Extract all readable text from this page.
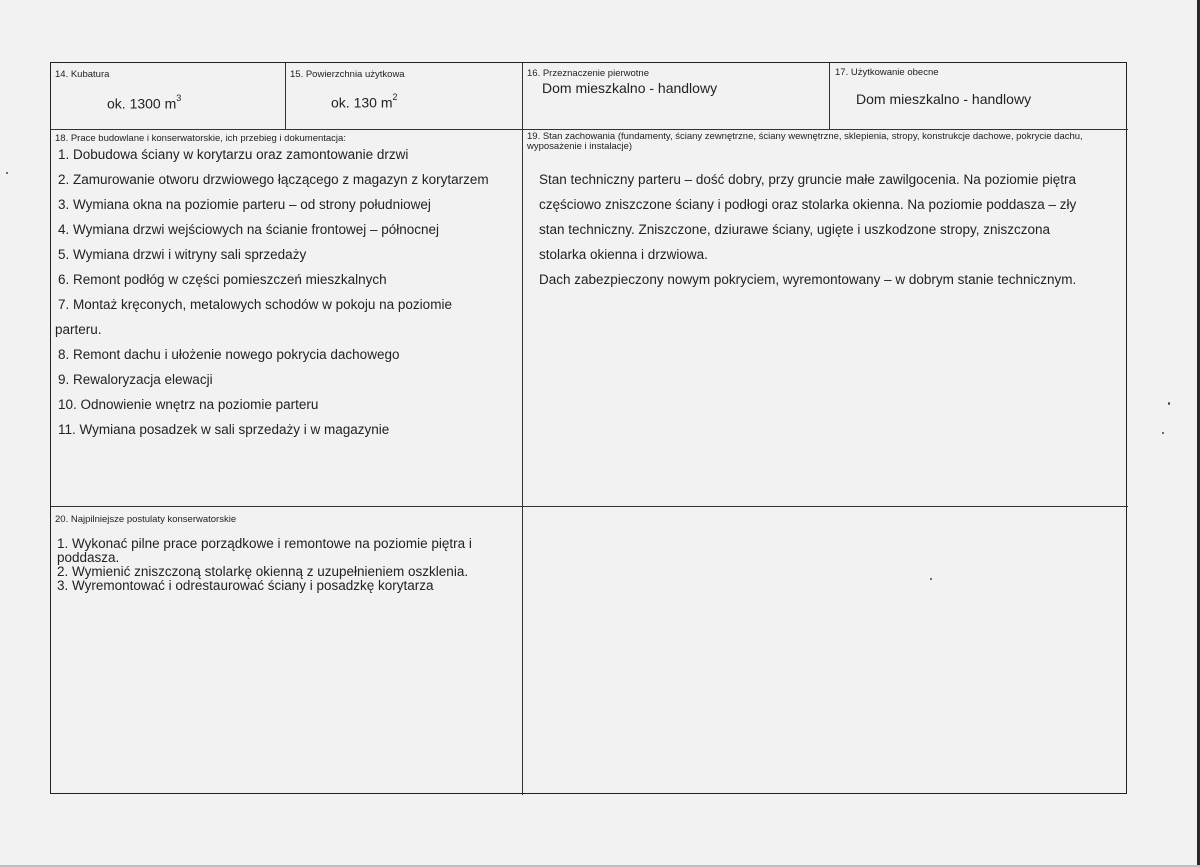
14. Kubatura
ok. 1300 $m^3$
15. Powierzchnia użytkowa
ok. 130 $m^2$
16. Przeznaczenie pierwotne
Dom mieszkalno - handlowy
17. Użytkowanie obecne
Dom mieszkalno - handlowy
18. Prace budowlane i konserwatorskie, ich przebieg i dokumentacja:
1. Dobudowa ściany w korytarzu oraz zamontowanie drzwi
2. Zamurowanie otworu drzwiowego łączącego z magazyn z korytarzem
3. Wymiana okna na poziomie parteru – od strony południowej
4. Wymiana drzwi wejściowych na ścianie frontowej – północnej
5. Wymiana drzwi i witryny sali sprzedaży
6. Remont podłóg w części pomieszczeń mieszkalnych
7. Montaż kręconych, metalowych schodów w pokoju na poziomie
parteru.
8. Remont dachu i ułożenie nowego pokrycia dachowego
9. Rewaloryzacja elewacji
10. Odnowienie wnętrz na poziomie parteru
11. Wymiana posadzek w sali sprzedaży i w magazynie
19. Stan zachowania (fundamenty, ściany zewnętrzne, ściany wewnętrzne, sklepienia, stropy, konstrukcje dachowe, pokrycie dachu, wyposażenie i instalacje)
Stan techniczny parteru – dość dobry, przy gruncie małe zawilgocenia. Na poziomie piętra
częściowo zniszczone ściany i podłogi oraz stolarka okienna. Na poziomie poddasza – zły
stan techniczny. Zniszczone, dziurawe ściany, ugięte i uszkodzone stropy, zniszczona
stolarka okienna i drzwiowa.
Dach zabezpieczony nowym pokryciem, wyremontowany – w dobrym stanie technicznym.
20. Najpilniejsze postulaty konserwatorskie
1. Wykonać pilne prace porządkowe i remontowe na poziomie piętra i poddasza.
2. Wymienić zniszczoną stolarkę okienną z uzupełnieniem oszklenia.
3. Wyremontować i odrestaurować ściany i posadzkę korytarza
